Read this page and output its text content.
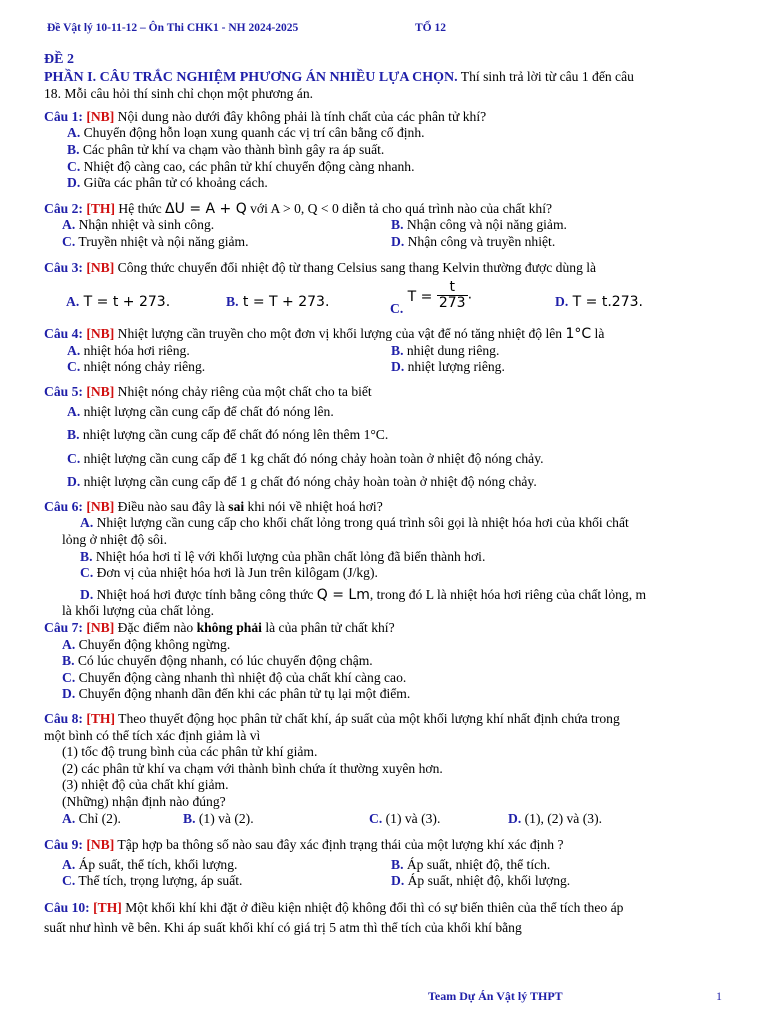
Đề Vật lý 10-11-12 – Ôn Thi CHK1 - NH 2024-2025	TỔ 12
ĐỀ 2
PHẦN I. CÂU TRẮC NGHIỆM PHƯƠNG ÁN NHIỀU LỰA CHỌN. Thí sinh trả lời từ câu 1 đến câu
18. Mỗi câu hỏi thí sinh chỉ chọn một phương án.
Câu 1: [NB] Nội dung nào dưới đây không phải là tính chất của các phân tử khí?
A. Chuyển động hỗn loạn xung quanh các vị trí cân bằng cố định.
B. Các phân tử khí va chạm vào thành bình gây ra áp suất.
C. Nhiệt độ càng cao, các phân tử khí chuyển động càng nhanh.
D. Giữa các phân tử có khoảng cách.
Câu 2: [TH] Hệ thức ΔU = A + Q với A > 0, Q < 0 diễn tả cho quá trình nào của chất khí?
A. Nhận nhiệt và sinh công.	B. Nhận công và nội năng giảm.
C. Truyền nhiệt và nội năng giảm.	D. Nhận công và truyền nhiệt.
Câu 3: [NB] Công thức chuyển đổi nhiệt độ từ thang Celsius sang thang Kelvin thường được dùng là
A. T = t + 273.	B. t = T + 273.	C. $T = \frac{t}{273}$ .	D. T = t.273.
Câu 4: [NB] Nhiệt lượng cần truyền cho một đơn vị khối lượng của vật để nó tăng nhiệt độ lên 1°C là
A. nhiệt hóa hơi riêng.	B. nhiệt dung riêng.
C. nhiệt nóng chảy riêng.	D. nhiệt lượng riêng.
Câu 5: [NB] Nhiệt nóng chảy riêng của một chất cho ta biết
A. nhiệt lượng cần cung cấp để chất đó nóng lên.
B. nhiệt lượng cần cung cấp để chất đó nóng lên thêm 1°C.
C. nhiệt lượng cần cung cấp để 1 kg chất đó nóng chảy hoàn toàn ở nhiệt độ nóng chảy.
D. nhiệt lượng cần cung cấp để 1 g chất đó nóng chảy hoàn toàn ở nhiệt độ nóng chảy.
Câu 6: [NB] Điều nào sau đây là sai khi nói về nhiệt hoá hơi?
A. Nhiệt lượng cần cung cấp cho khối chất lỏng trong quá trình sôi gọi là nhiệt hóa hơi của khối chất
lỏng ở nhiệt độ sôi.
B. Nhiệt hóa hơi tỉ lệ với khối lượng của phần chất lỏng đã biến thành hơi.
C. Đơn vị của nhiệt hóa hơi là Jun trên kilôgam (J/kg).
D. Nhiệt hoá hơi được tính bằng công thức Q = Lm, trong đó L là nhiệt hóa hơi riêng của chất lỏng, m
là khối lượng của chất lỏng.
Câu 7: [NB] Đặc điểm nào không phải là của phân tử chất khí?
A. Chuyển động không ngừng.
B. Có lúc chuyển động nhanh, có lúc chuyển động chậm.
C. Chuyển động càng nhanh thì nhiệt độ của chất khí càng cao.
D. Chuyển động nhanh dần đến khi các phân tử tụ lại một điểm.
Câu 8: [TH] Theo thuyết động học phân tử chất khí, áp suất của một khối lượng khí nhất định chứa trong
một bình có thể tích xác định giảm là vì
(1) tốc độ trung bình của các phân tử khí giảm.
(2) các phân tử khí va chạm với thành bình chứa ít thường xuyên hơn.
(3) nhiệt độ của chất khí giảm.
(Những) nhận định nào đúng?
A. Chỉ (2).	B. (1) và (2).	C. (1) và (3).	D. (1), (2) và (3).
Câu 9: [NB] Tập hợp ba thông số nào sau đây xác định trạng thái của một lượng khí xác định ?
A. Áp suất, thể tích, khối lượng.	B. Áp suất, nhiệt độ, thể tích.
C. Thể tích, trọng lượng, áp suất.	D. Áp suất, nhiệt độ, khối lượng.
Câu 10: [TH] Một khối khí khi đặt ở điều kiện nhiệt độ không đổi thì có sự biến thiên của thể tích theo áp
suất như hình vẽ bên. Khi áp suất khối khí có giá trị 5 atm thì thể tích của khối khí bằng
Team Dự Án Vật lý THPT	1
